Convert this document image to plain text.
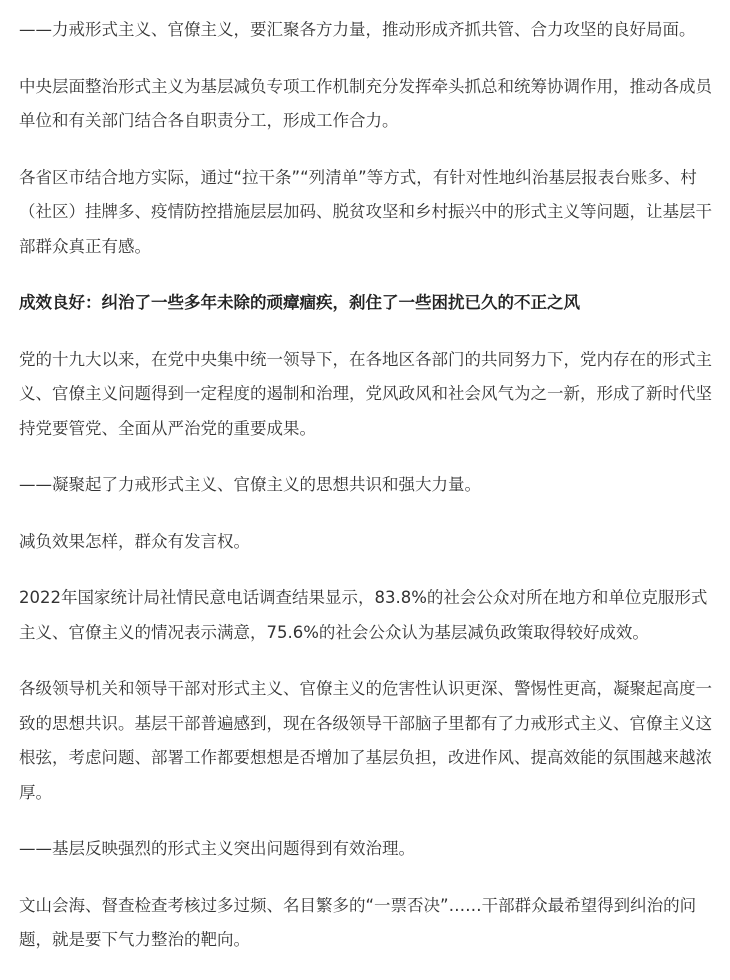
——力戒形式主义、官僚主义，要汇聚各方力量，推动形成齐抓共管、合力攻坚的良好局面。

中央层面整治形式主义为基层减负专项工作机制充分发挥牵头抓总和统筹协调作用，推动各成员单位和有关部门结合各自职责分工，形成工作合力。

各省区市结合地方实际，通过“拉干条”“列清单”等方式，有针对性地纠治基层报表台账多、村（社区）挂牌多、疫情防控措施层层加码、脱贫攻坚和乡村振兴中的形式主义等问题，让基层干部群众真正有感。

成效良好：纠治了一些多年未除的顽瘴痼疾，刹住了一些困扰已久的不正之风

党的十九大以来，在党中央集中统一领导下，在各地区各部门的共同努力下，党内存在的形式主义、官僚主义问题得到一定程度的遏制和治理，党风政风和社会风气为之一新，形成了新时代坚持党要管党、全面从严治党的重要成果。

——凝聚起了力戒形式主义、官僚主义的思想共识和强大力量。

减负效果怎样，群众有发言权。

2022年国家统计局社情民意电话调查结果显示，83.8%的社会公众对所在地方和单位克服形式主义、官僚主义的情况表示满意，75.6%的社会公众认为基层减负政策取得较好成效。

各级领导机关和领导干部对形式主义、官僚主义的危害性认识更深、警惕性更高，凝聚起高度一致的思想共识。基层干部普遍感到，现在各级领导干部脑子里都有了力戒形式主义、官僚主义这根弦，考虑问题、部署工作都要想想是否增加了基层负担，改进作风、提高效能的氛围越来越浓厚。

——基层反映强烈的形式主义突出问题得到有效治理。

文山会海、督查检查考核过多过频、名目繁多的“一票否决”……干部群众最希望得到纠治的问题，就是要下气力整治的靶向。
